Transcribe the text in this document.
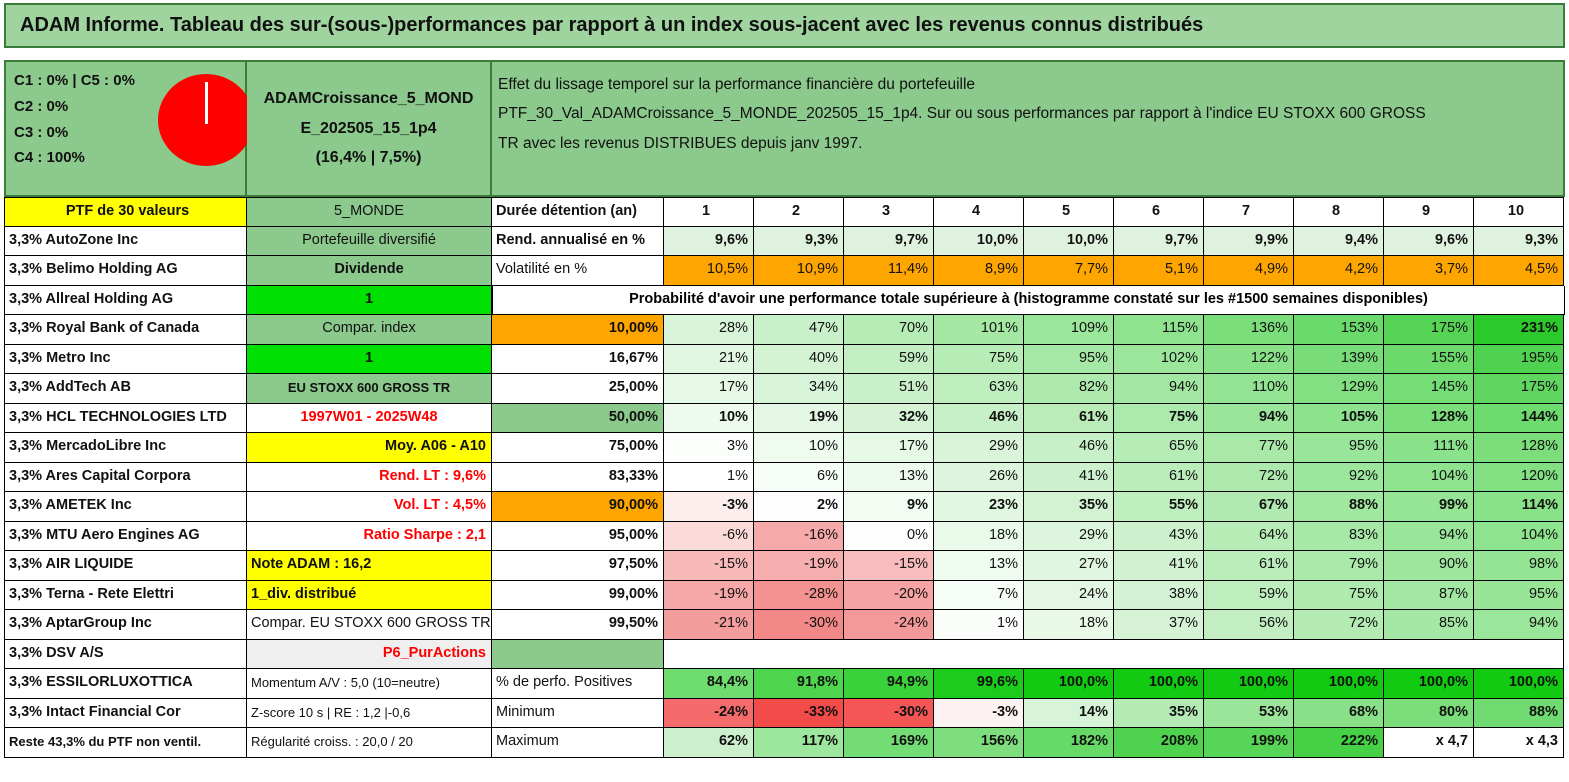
ADAM Informe. Tableau des sur-(sous-)performances par rapport à un index sous-jacent avec les revenus connus distribués
C1 : 0% | C5 : 0%
C2 : 0%
C3 : 0%
C4 : 100%
ADAMCroissance_5_MOND
E_202505_15_1p4
(16,4% | 7,5%)

Effet du lissage temporel sur la performance financière du portefeuille

PTF_30_Val_ADAMCroissance_5_MONDE_202505_15_1p4. Sur ou sous performances par rapport à l'indice EU STOXX 600 GROSS

TR avec les revenus DISTRIBUES depuis janv 1997.

PTF de 30 valeurs	5_MONDE	Durée détention (an)	1	2	3	4	5	6	7	8	9	10
3,3% AutoZone Inc	Portefeuille diversifié	Rend. annualisé en %	9,6%	9,3%	9,7%	10,0%	10,0%	9,7%	9,9%	9,4%	9,6%	9,3%
3,3% Belimo Holding AG	Dividende	Volatilité en %	10,5%	10,9%	11,4%	8,9%	7,7%	5,1%	4,9%	4,2%	3,7%	4,5%
3,3% Allreal Holding AG	1	Probabilité d'avoir une performance totale supérieure à (histogramme constaté sur les #1500 semaines disponibles)
3,3% Royal Bank of Canada	Compar. index	10,00%	28%	47%	70%	101%	109%	115%	136%	153%	175%	231%
3,3% Metro Inc	1	16,67%	21%	40%	59%	75%	95%	102%	122%	139%	155%	195%
3,3% AddTech AB	EU STOXX 600 GROSS TR	25,00%	17%	34%	51%	63%	82%	94%	110%	129%	145%	175%
3,3% HCL TECHNOLOGIES LTD	1997W01 - 2025W48	50,00%	10%	19%	32%	46%	61%	75%	94%	105%	128%	144%
3,3% MercadoLibre Inc	Moy. A06 - A10	75,00%	3%	10%	17%	29%	46%	65%	77%	95%	111%	128%
3,3% Ares Capital Corpora	Rend. LT : 9,6%	83,33%	1%	6%	13%	26%	41%	61%	72%	92%	104%	120%
3,3% AMETEK Inc	Vol. LT : 4,5%	90,00%	-3%	2%	9%	23%	35%	55%	67%	88%	99%	114%
3,3% MTU Aero Engines AG	Ratio Sharpe : 2,1	95,00%	-6%	-16%	0%	18%	29%	43%	64%	83%	94%	104%
3,3% AIR LIQUIDE	Note ADAM : 16,2	97,50%	-15%	-19%	-15%	13%	27%	41%	61%	79%	90%	98%
3,3% Terna - Rete Elettri	1_div. distribué	99,00%	-19%	-28%	-20%	7%	24%	38%	59%	75%	87%	95%
3,3% AptarGroup Inc	Compar. EU STOXX 600 GROSS TR	99,50%	-21%	-30%	-24%	1%	18%	37%	56%	72%	85%	94%
3,3% DSV A/S	P6_PurActions
3,3% ESSILORLUXOTTICA	Momentum A/V : 5,0 (10=neutre)	% de perfo. Positives	84,4%	91,8%	94,9%	99,6%	100,0%	100,0%	100,0%	100,0%	100,0%	100,0%
3,3% Intact Financial Cor	Z-score 10 s | RE : 1,2 |-0,6	Minimum	-24%	-33%	-30%	-3%	14%	35%	53%	68%	80%	88%
Reste 43,3% du PTF non ventil.	Régularité croiss. : 20,0 / 20	Maximum	62%	117%	169%	156%	182%	208%	199%	222%	x 4,7	x 4,3
